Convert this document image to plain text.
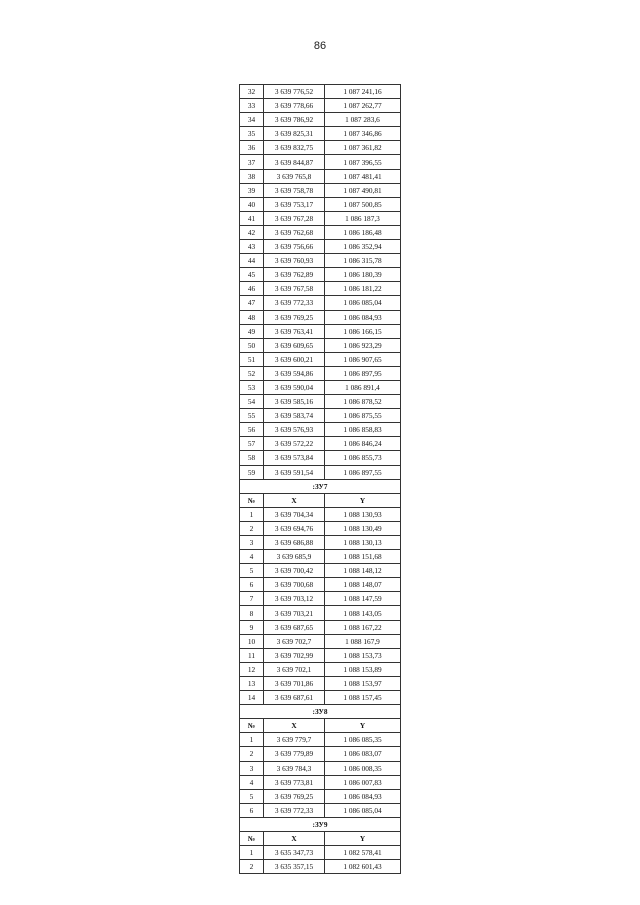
86
32	3 639 776,52	1 087 241,16
33	3 639 778,66	1 087 262,77
34	3 639 786,92	1 087 283,6
35	3 639 825,31	1 087 346,86
36	3 639 832,75	1 087 361,82
37	3 639 844,87	1 087 396,55
38	3 639 765,8	1 087 481,41
39	3 639 758,78	1 087 490,81
40	3 639 753,17	1 087 500,85
41	3 639 767,28	1 086 187,3
42	3 639 762,68	1 086 186,48
43	3 639 756,66	1 086 352,94
44	3 639 760,93	1 086 315,78
45	3 639 762,89	1 086 180,39
46	3 639 767,58	1 086 181,22
47	3 639 772,33	1 086 085,04
48	3 639 769,25	1 086 084,93
49	3 639 763,41	1 086 166,15
50	3 639 609,65	1 086 923,29
51	3 639 600,21	1 086 907,65
52	3 639 594,86	1 086 897,95
53	3 639 590,04	1 086 891,4
54	3 639 585,16	1 086 878,52
55	3 639 583,74	1 086 875,55
56	3 639 576,93	1 086 858,83
57	3 639 572,22	1 086 846,24
58	3 639 573,84	1 086 855,73
59	3 639 591,54	1 086 897,55
:ЗУ7		
№	X	Y
1	3 639 704,34	1 088 130,93
2	3 639 694,76	1 088 130,49
3	3 639 686,88	1 088 130,13
4	3 639 685,9	1 088 151,68
5	3 639 700,42	1 088 148,12
6	3 639 700,68	1 088 148,07
7	3 639 703,12	1 088 147,59
8	3 639 703,21	1 088 143,05
9	3 639 687,65	1 088 167,22
10	3 639 702,7	1 088 167,9
11	3 639 702,99	1 088 153,73
12	3 639 702,1	1 088 153,89
13	3 639 701,86	1 088 153,97
14	3 639 687,61	1 088 157,45
:ЗУ8		
№	X	Y
1	3 639 779,7	1 086 085,35
2	3 639 779,89	1 086 083,07
3	3 639 784,3	1 086 008,35
4	3 639 773,81	1 086 007,83
5	3 639 769,25	1 086 084,93
6	3 639 772,33	1 086 085,04
:ЗУ9		
№	X	Y
1	3 635 347,73	1 082 578,41
2	3 635 357,15	1 082 601,43
